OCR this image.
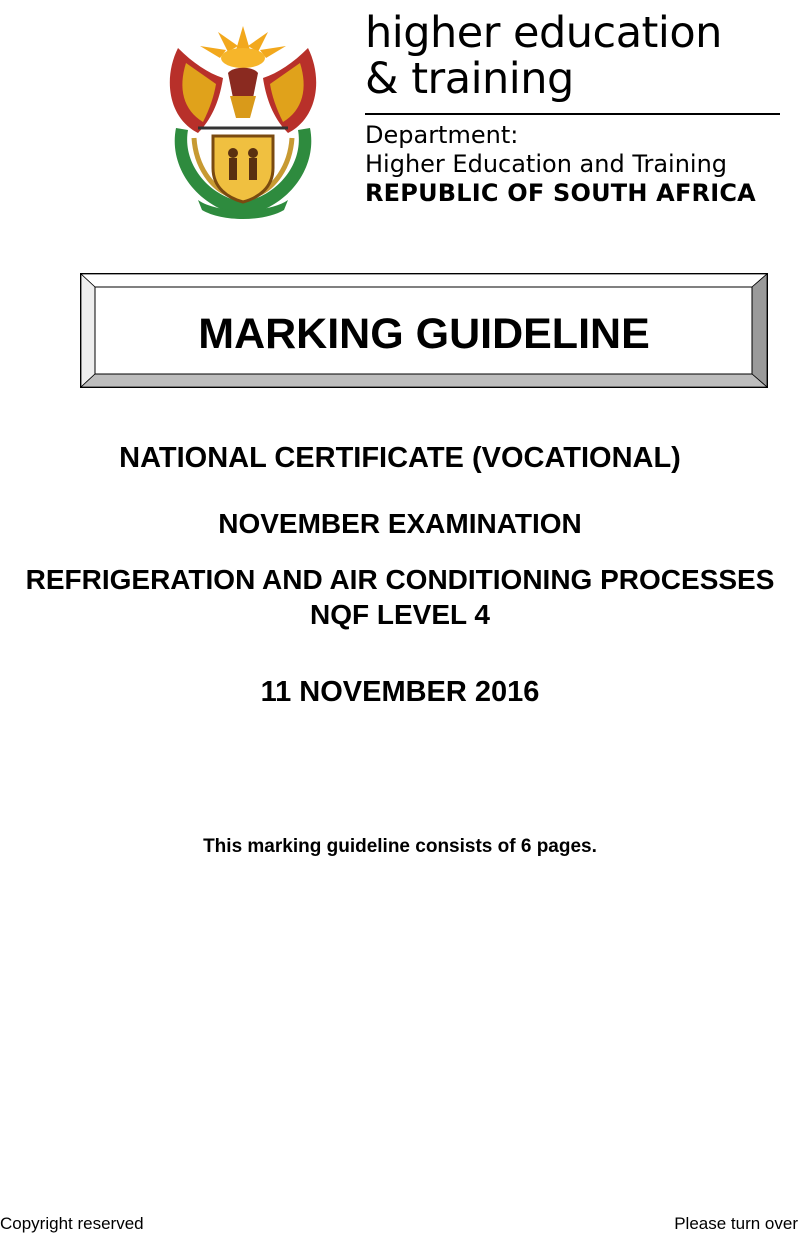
higher education
& training
Department:
Higher Education and Training
REPUBLIC OF SOUTH AFRICA
MARKING GUIDELINE
NATIONAL CERTIFICATE (VOCATIONAL)
NOVEMBER EXAMINATION
REFRIGERATION AND AIR CONDITIONING PROCESSES
NQF LEVEL 4
11 NOVEMBER 2016
This marking guideline consists of 6 pages.
Copyright reserved	Please turn over
